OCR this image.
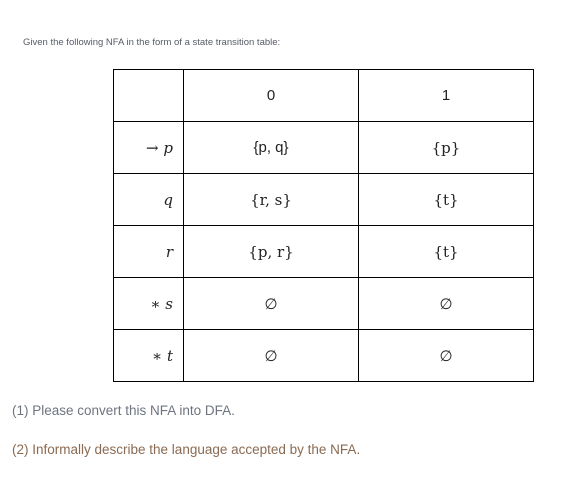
Given the following NFA in the form of a state transition table:
	0	1
→ p	{p, q}	{p}
q	{r, s}	{t}
r	{p, r}	{t}
∗ s	∅	∅
∗ t	∅	∅
(1) Please convert this NFA into DFA.
(2) Informally describe the language accepted by the NFA.
